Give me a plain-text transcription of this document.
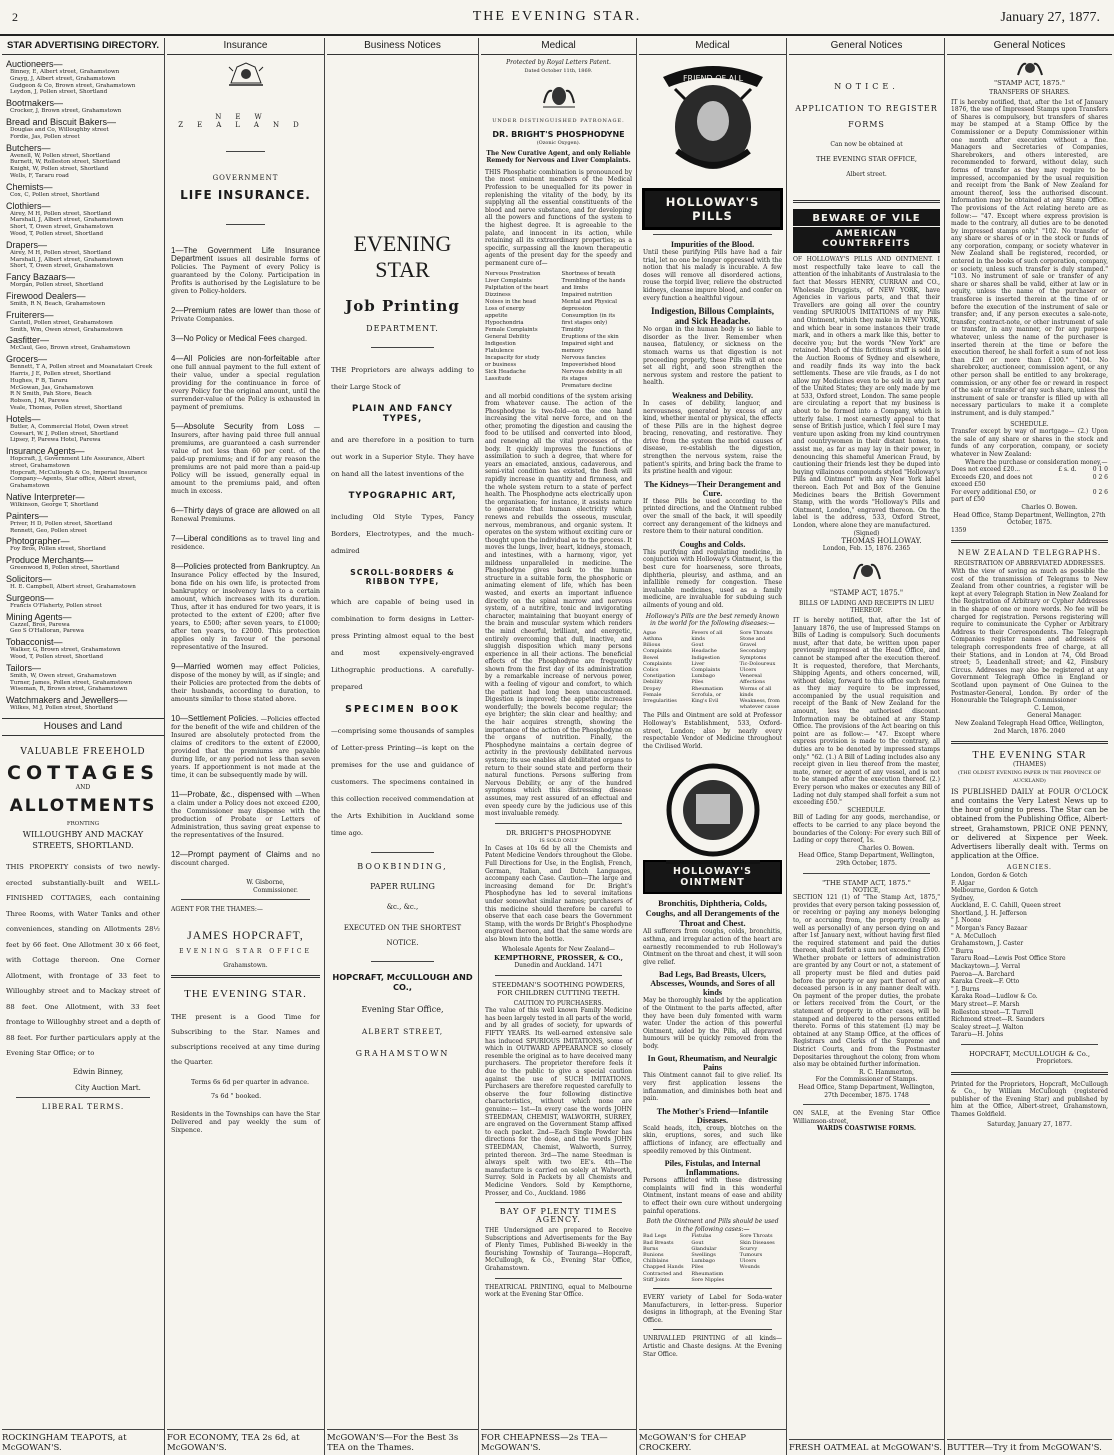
2	THE EVENING STAR.	January 27, 1877.
STAR ADVERTISING DIRECTORY.
Auctioneers—
Binney, E, Albert street, Grahamstown
Grayg, J, Albert street, Grahamstown
Gudgeon & Co, Brown street, Grahamstown
Leydon, J, Pollen street, Shortland
Bootmakers—
Crocker, J, Brown street, Grahamstown
Bread and Biscuit Bakers—
Douglas and Co, Willoughby street
Fordie, Jas, Pollen street
Butchers—
Avenell, W, Pollen street, Shortland
Burnett, W, Rolleston street, Shortland
Knight, W, Pollen street, Shortland
Wells, F, Tararu road
Chemists—
Cox, C, Pollen street, Shortland
Clothiers—
Airey, M H, Pollen street, Shortland
Marshall, J, Albert street, Grahamstown
Short, T, Owen street, Grahamstown
Wood, T, Pollen street, Shortland
Drapers—
Airey, M H, Pollen street, Shortland
Marshall, J, Albert street, Grahamstown
Short, T, Owen street, Grahamstown
Fancy Bazaars—
Morgan, Pollen street, Shortland
Firewood Dealers—
Smith, R N, Beach, Grahamstown
Fruiterers—
Cantell, Pollen street, Grahamstown
Smith, Wm, Owen street, Grahamstown
Gasfitter—
McCaul, Geo, Brown street, Grahamstown
Grocers—
Bennett, T A, Pollen street and Moanataiari Creek
Harris, J E, Pollen street, Shortland
Hughes, F B, Tararu
McGowan, Jas, Grahamstown
R N Smith, Pah Store, Beach
Robson, J M, Parewa
Veale, Thomas, Pollen street, Shortland
Hotels—
Butler, A, Commercial Hotel, Owen street
Cowsart, W. J, Pollen street, Shortland
Lipsey, F, Parewa Hotel, Parewa
Insurance Agents—
Hopcraft, J, Government Life Assurance, Albert street, Grahamstown
Hopcraft, McCullough & Co, Imperial Insurance Company—Agents, Star office, Albert street, Grahamstown
Native Interpreter—
Wilkinson, George T, Shortland
Painters—
Priver, H D, Pollen street, Shortland
Rennett, Geo, Pollen street
Photographer—
Foy Bros, Pollen street, Shortland
Produce Merchants—
Greenwood B, Pollen street, Shortland
Solicitors—
H. E. Campbell, Albert street, Grahamstown
Surgeons—
Francis O'Flaherty, Pollen street
Mining Agents—
Cazzel, Bros, Parewa
Geo S O'Halloran, Parewa
Tobacconist—
Walker, G, Brown street, Grahamstown
Wood, T, Pollen street, Shortland
Tailors—
Smith, W, Owen street, Grahamstown
Turner, James, Pollen street, Grahamstown
Wiseman, R, Brown street, Grahamstown
Watchmakers and Jewellers—
Wilkes, M J, Pollen street, Shortland
Houses and Land
VALUABLE FREEHOLD
COTTAGES
AND
ALLOTMENTS
FRONTING
WILLOUGHBY AND MACKAY
STREETS, SHORTLAND.
THIS PROPERTY consists of two newly-erected substantially-built and WELL-FINISHED COTTAGES, each containing Three Rooms, with Water Tanks and other conveniences, standing on Allotments 28½ feet by 66 feet. One Allotment 30 x 66 feet, with Cottage thereon. One Corner Allotment, with frontage of 33 feet to Willoughby street and to Mackay street of 88 feet. One Allotment, with 33 feet frontage to Willoughby street and a depth of 88 feet. For further particulars apply at the Evening Star Office; or to
Edwin Binney,
City Auction Mart.
LIBERAL TERMS.
ROCKINGHAM TEAPOTS, at McGOWAN'S.
Insurance
NEW ZEALAND
GOVERNMENT
LIFE INSURANCE.
1—The Government Life Insurance Department issues all desirable forms of Policies. The Payment of every Policy is guaranteed by the Colony. Participation in Profits is authorised by the Legislature to be given to Policy-holders.
2—Premium rates are lower than those of Private Companies.
3—No Policy or Medical Fees charged.
4—All Policies are non-forfeitable after one full annual payment to the full extent of their value, under a special regulation providing for the continuance in force of every Policy for the original amount, until the surrender-value of the Policy is exhausted in payment of premiums.
5—Absolute Security from Loss —Insurers, after having paid three full annual premiums, are guaranteed a cash surrender value of not less than 60 per cent. of the paid-up premiums; and if for any reason the premiums are not paid more than a paid-up Policy will be issued, generally equal in amount to the premiums paid, and often much in excess.
6—Thirty days of grace are allowed on all Renewal Premiums.
7—Liberal conditions as to travel ling and residence.
8—Policies protected from Bankruptcy. An Insurance Policy effected by the Insured, bona fide on his own life, is protected from bankruptcy or insolvency laws to a certain amount, which increases with its duration. Thus, after it has endured for two years, it is protected to the extent of £200; after five years, to £500; after seven years, to £1000; after ten years, to £2000. This protection applies only in favour of the personal representative of the Insured.
9—Married women may effect Policies, dispose of the money by will, as if single; and their Policies are protected from the debts of their husbands, according to duration, to amounts similar to those stated above.
10—Settlement Policies. —Policies effected for the benefit of the wife and children of the Insured are absolutely protected from the claims of creditors to the extent of £2000, provided that the premiums are payable during life, or any period not less than seven years. If apportionment is not made at the time, it can be subsequently made by will.
11—Probate, &c., dispensed with —When a claim under a Policy does not exceed £200, the Commissioner may dispense with the production of Probate or Letters of Administration, thus saving great expense to the representatives of the Insured.
12—Prompt payment of Claims and no discount charged.
W. Gisborne,
Commissioner.
AGENT FOR THE THAMES:—
JAMES HOPCRAFT,
EVENING STAR OFFICE
Grahamstown.
THE EVENING STAR.
THE present is a Good Time for Subscribing to the Star. Names and subscriptions received at any time during the Quarter.
Terms 6s 6d per quarter in advance.
7s 6d " booked.
Residents in the Townships can have the Star Delivered and pay weekly the sum of Sixpence.
FOR ECONOMY, TEA 2s 6d, at McGOWAN'S.
Business Notices
EVENING STAR
Job Printing
DEPARTMENT.
THE Proprietors are always adding to their Large Stock of
PLAIN AND FANCY TYPES,
and are therefore in a position to turn out work in a Superior Style. They have on hand all the latest inventions of the
TYPOGRAPHIC ART,
including Old Style Types, Fancy Borders, Electrotypes, and the much-admired
SCROLL-BORDERS & RIBBON TYPE,
which are capable of being used in combination to form designs in Letter-press Printing almost equal to the best and most expensively-engraved Lithographic productions. A carefully-prepared
SPECIMEN BOOK
—comprising some thousands of samples of Letter-press Printing—is kept on the premises for the use and guidance of customers. The specimens contained in this collection received commendation at the Arts Exhibition in Auckland some time ago.
BOOKBINDING,
PAPER RULING
&c., &c.,
EXECUTED ON THE SHORTEST NOTICE.
HOPCRAFT, McCULLOUGH AND CO.,
Evening Star Office,
ALBERT STREET,
GRAHAMSTOWN
McGOWAN'S—For the Best 3s TEA on the Thames.
Medical
Protected by Royal Letters Patent.
Dated October 11th, 1869.
UNDER DISTINGUISHED PATRONAGE.
DR. BRIGHT'S PHOSPHODYNE
(Ozonic Oxygen).
The New Curative Agent, and only Reliable Remedy for Nervous and Liver Complaints.
THIS Phosphatic combination is pronounced by the most eminent members of the Medical Profession to be unequalled for its power in replenishing the vitality of the body, by its supplying all the essential constituents of the blood and nerve substance, and for developing all the powers and functions of the system to the highest degree. It is agreeable to the palate, and innocent in its action, while retaining all its extraordinary properties; as a specific, surpassing all the known therapeutic agents of the present day for the speedy and permanent cure of—
Nervous Prostration
Liver Complaints
Palpitation of the heart
Dizziness
Noises in the head
Loss of energy
appetite
Hypochondria
Female Complaints
General Debility
Indigestion
Flatulence
Incapacity for study
or business
Sick Headache
Lassitude
Shortness of breath
Trembling of the hands
and limbs
Impaired nutrition
Mental and Physical
depression
Consumption (in its
first stages only)
Timidity
Eruptions of the skin
Impaired sight and
memory
Nervous fancies
Impoverished blood
Nervous debility in all
its stages
Premature decline
and all morbid conditions of the system arising from whatever cause. The action of the Phosphodyne is two-fold—on the one hand increasing the vital nerve force, and on the other, promoting the digestion and causing the food to be utilised and converted into blood, and renewing all the vital processes of the body. It quickly improves the functions of assimilation to such a degree, that where for years an emaciated, anxious, cadaverous, and semi-vital condition has existed, the flesh will rapidly increase in quantity and firmness, and the whole system return to a state of perfect health. The Phosphodyne acts electrically upon the organisation; for instance, it assists nature to generate that human electricity which renews and rebuilds the osseous, muscular, nervous, membranous, and organic system. It operates on the system without exciting cure or thought upon the individual as to the process. It moves the lungs, liver, heart, kidneys, stomach, and intestines, with a harmony, vigor, yet mildness unparalleled in medicine. The Phosphodyne gives back to the human structure in a suitable form, the phosphoric or animating element of life, which has been wasted, and exerts an important influence directly on the spinal marrow and nervous system, of a nutritive, tonic and invigorating character, maintaining that buoyant energy of the brain and muscular system which renders the mind cheerful, brilliant, and energetic, entirely overcoming that dull, inactive, and sluggish disposition which many persons experience in all their actions. The beneficial effects of the Phosphodyne are frequently shown from the first day of its administration by a remarkable increase of nervous power, with a feeling of vigour and comfort, to which the patient had long been unaccustomed. Digestion is improved; the appetite increases wonderfully; the bowels become regular; the eye brighter; the skin clear and healthy; and the hair acquires strength, showing the importance of the action of the Phosphodyne on the organs of nutrition. Finally, the Phosphodyne maintains a certain degree of activity in the previously debilitated nervous system; its use enables all debilitated organs to return to their sound state and perform their natural functions. Persons suffering from Nervous Debility, or any of the hundred symptoms which this distressing disease assumes, may rest assured of an effectual and even speedy cure by the judicious use of this most invaluable remedy.
DR. BRIGHT'S PHOSPHODYNE
IS SOLD ONLY
In Cases at 10s 6d by all the Chemists and Patent Medicine Vendors throughout the Globe. Full Directions for Use, in the English, French, German, Italian, and Dutch Languages, accompany each Case. Caution—The large and increasing demand for Dr. Bright's Phosphodyne has led to several imitations under somewhat similar names; purchasers of this medicine should therefore be careful to observe that each case bears the Government Stamp, with the words Dr Bright's Phosphodyne engraved thereon, and that the same words are also blown into the bottle.
Wholesale Agents for New Zealand—
KEMPTHORNE, PROSSER, & CO.,
Dunedin and Auckland. 1471
STEEDMAN'S SOOTHING POWDERS, FOR CHILDREN CUTTING TEETH.
CAUTION TO PURCHASERS.
The value of this well known Family Medicine has been largely tested in all parts of the world, and by all grades of society, for upwards of FIFTY YEARS. Its well-earned extensive sale has induced SPURIOUS IMITATIONS, some of which in OUTWARD APPEARANCE so closely resemble the original as to have deceived many purchasers. The proprietor therefore feels it due to the public to give a special caution against the use of SUCH IMITATIONS. Purchasers are therefore requested carefully to observe the four following distinctive characteristics, without which none are genuine:— 1st—In every case the words JOHN STEEDMAN, CHEMIST, WALWORTH, SURREY, are engraved on the Government Stamp affixed to each packet. 2nd—Each Single Powder has directions for the dose, and the words JOHN STEEDMAN, Chemist, Walworth, Surrey, printed thereon. 3rd—The name Steedman is always spelt with two EE's. 4th—The manufacture is carried on solely at Walworth, Surrey. Sold in Packets by all Chemists and Medicine Vendors. Sold by Kempthorne, Prosser, and Co., Auckland. 1986
BAY OF PLENTY TIMES AGENCY.
THE Undersigned are prepared to Receive Subscriptions and Advertisements for the Bay of Plenty Times, Published Bi-weekly in the flourishing Township of Tauranga—Hopcraft, McCullough, & Co., Evening Star Office, Grahamstown.
THEATRICAL PRINTING, equal to Melbourne work at the Evening Star Office.
FOR CHEAPNESS—2s TEA—McGOWAN'S.
Medical
FRIEND OF ALL
HOLLOWAY'S PILLS
Impurities of the Blood.
Until these purifying Pills have had a fair trial, let no one be longer oppressed with the notion that his malady is incurable. A few doses will remove all disordered actions, rouse the torpid liver, relieve the obstructed kidneys, cleanse impure blood, and confer on every function a healthful vigour.
Indigestion, Billous Complaints, and Sick Headache.
No organ in the human body is so liable to disorder as the liver. Remember when nausea, flatulency, or sickness on the stomach warns us that digestion is not proceeding properly, these Pills will at once set all right, and soon strengthen the nervous system and restore the patient to health.
Weakness and Debility.
In cases of debility, languor, and nervousness, generated by excess of any kind, whether mental or physical, the effects of these Pills are in the highest degree bracing, renovating, and restorative. They drive from the system the morbid causes of disease, re-establish the digestion, strengthen the nervous system, raise the patient's spirits, and bring back the frame to its pristine health and vigour.
The Kidneys—Their Derangement and Cure.
If these Pills be used according to the printed directions, and the Ointment rubbed over the small of the back, it will speedily correct any derangement of the kidneys and restore them to their natural condition.
Coughs and Colds.
This purifying and regulating medicine, in conjunction with Holloway's Ointment, is the best cure for hoarseness, sore throats, diphtheria, pleurisy, and asthma, and an infallible remedy for congestion. These invaluable medicines, used as a family medicine, are invaluable for subduing such ailments of young and old.
Holloway's Pills are the best remedy known in the world for the following diseases:—
Ague
Asthma
Bilious Complaints
Bowel Complaints
Colics
Constipation
Debility
Dropsy
Female Irregularities
Fevers of all kinds
Gout
Headache
Indigestion
Liver Complaints
Lumbago
Piles
Rheumatism
Scrofula, or King's Evil
Sore Throats
Stone and Gravel
Secondary Symptoms
Tic-Doloureux
Ulcers
Venereal Affections
Worms of all kinds
Weakness, from whatever cause
The Pills and Ointment are sold at Professor Holloway's Establishment, 533, Oxford-street, London; also by nearly every respectable Vendor of Medicine throughout the Civilised World.
HOLLOWAY'S OINTMENT
Bronchitis, Diphtheria, Colds, Coughs, and all Derangements of the Throat and Chest.
All sufferers from coughs, colds, bronchitis, asthma, and irregular action of the heart are earnestly recommended to rub Holloway's Ointment on the throat and chest, it will soon give relief.
Bad Legs, Bad Breasts, Ulcers, Abscesses, Wounds, and Sores of all kinds
May be thoroughly healed by the application of the Ointment to the parts affected, after they have been duly fomented with warm water. Under the action of this powerful Ointment, aided by the Pills, all depraved humours will be quickly removed from the body.
In Gout, Rheumatism, and Neuralgic Pains
This Ointment cannot fail to give relief. Its very first application lessens the inflammation, and diminishes both heat and pain.
The Mother's Friend—Infantile Diseases.
Scald heads, itch, croup, blotches on the skin, eruptions, sores, and such like afflictions of infancy, are effectually and speedily removed by this Ointment.
Piles, Fistulas, and Internal Inflammations.
Persons afflicted with these distressing complaints will find in this wonderful Ointment, instant means of ease and ability to effect their own cure without undergoing painful operations.
Both the Ointment and Pills should be used in the following cases:—
Bad Legs
Bad Breasts
Burns
Bunions
Chilblains
Chapped Hands
Contracted and Stiff Joints
Fistulas
Gout
Glandular Swellings
Lumbago
Piles
Rheumatism
Sore Nipples
Sore Throats
Skin Diseases
Scurvy
Tumours
Ulcers
Wounds
EVERY variety of Label for Soda-water Manufacturers, in letter-press. Superior designs in lithograph, at the Evening Star Office.
UNRIVALLED PRINTING of all kinds—Artistic and Chaste designs. At the Evening Star Office.
McGOWAN'S for CHEAP CROCKERY.
General Notices
NOTICE.
APPLICATION TO REGISTER FORMS
Can now be obtained at
THE EVENING STAR OFFICE,
Albert street.
BEWARE OF VILE
AMERICAN COUNTERFEITS
OF HOLLOWAY'S PILLS AND OINTMENT. I most respectfully take leave to call the attention of the inhabitants of Australasia to the fact that Messrs HENRY, CURRAN and CO., Wholesale Druggists, of NEW YORK, have Agencies in various parts, and that their Travellers are going all over the country vending SPURIOUS IMITATIONS of my Pills and Ointment, which they make in NEW YORK, and which bear in some instances their trade mark, and in others a mark like this, better to deceive you; but the words "New York" are retained. Much of this fictitious stuff is sold in the Auction Rooms of Sydney and elsewhere, and readily finds its way into the back settlements. These are vile frauds, as I do not allow my Medicines even to be sold in any part of the United States; they are only made by me at 533, Oxford street, London. The same people are circulating a report that my business is about to be formed into a Company, which is utterly false. I most earnestly appeal to that sense of British justice, which I feel sure I may venture upon asking from my kind countrymen and countrywomen in their distant homes, to assist me, as far as may lay in their power, in denouncing this shameful American Fraud, by cautioning their friends lest they be duped into buying villainous compounds styled "Holloway's Pills and Ointment" with any New York label thereon. Each Pot and Box of the Genuine Medicines bears the British Government Stamp, with the words "Holloway's Pills and Ointment, London," engraved thereon. On the label is the address, 533, Oxford Street, London, where alone they are manufactured.
(Signed)
THOMAS HOLLOWAY.
London, Feb. 15, 1876. 2365
"STAMP ACT, 1875."
BILLS OF LADING AND RECEIPTS IN LIEU THEREOF.
IT is hereby notified, that, after the 1st of January 1876, the use of Impressed Stamps on Bills of Lading is compulsory. Such documents must, after that date, be written upon paper previously impressed at the Head Office, and cannot be stamped after the execution thereof. It is requested, therefore, that Merchants, Shipping Agents, and others concerned, will, without delay, forward to this office such forms as they may require to be impressed, accompanied by the usual requisition and receipt of the Bank of New Zealand for the amount, less the authorised discount. Information may be obtained at any Stamp Office. The provisions of the Act bearing on this point are as follow:— "47. Except where express provision is made to the contrary, all duties are to be denoted by impressed stamps only." "62. (1.) A Bill of Lading includes also any receipt given in lieu thereof from the master, mate, owner, or agent of any vessel, and is not to be stamped after the execution thereof. (2.) Every person who makes or executes any Bill of Lading not duly stamped shall forfeit a sum not exceeding £50."
SCHEDULE.
Bill of Lading for any goods, merchandise, or effects to be carried to any place beyond the boundaries of the Colony: For every such Bill of Lading or copy thereof, 1s.
Charles O. Bowen.
Head Office, Stamp Department, Wellington, 29th October, 1875.
"THE STAMP ACT, 1875."
NOTICE,
SECTION 121 (1) of "The Stamp Act, 1875," provides that every person taking possession of, or receiving or paying any moneys belonging to, or accruing from, the property (really as well as personally) of any person dying on and after 1st January next, without having first filed the required statement and paid the duties thereon, shall forfeit a sum not exceeding £500. Whether probate or letters of administration are granted by any Court or not, a statement of all property must be filed and duties paid before the property or any part thereof of any deceased person is in any manner dealt with. On payment of the proper duties, the probate or letters received from the Court, or the statement of property in other cases, will be stamped and delivered to the persons entitled thereto. Forms of this statement (L) may be obtained at any Stamp Office, at the offices of Registrars and Clerks of the Supreme and District Courts, and from the Postmaster Depositaries throughout the colony, from whom also may be obtained further information.
R. C. Hammerton,
For the Commissioner of Stamps.
Head Office, Stamp Department, Wellington, 27th December, 1875. 1748
ON SALE, at the Evening Star Office Williamson-street,
WARDS COASTWISE FORMS.
FRESH OATMEAL at McGOWAN'S.
General Notices
"STAMP ACT, 1875."
TRANSFERS OF SHARES.
IT is hereby notified, that, after the 1st of January 1876, the use of Impressed Stamps upon Transfers of Shares is compulsory, but transfers of shares may be stamped at a Stamp Office by the Commissioner or a Deputy Commissioner within one month after execution without a fine. Managers and Secretaries of Companies, Sharebrokers, and others interested, are recommended to forward, without delay, such forms of transfer as they may require to be impressed, accompanied by the usual requisition and receipt from the Bank of New Zealand for amount thereof, less the authorised discount. Information may be obtained at any Stamp Office. The provisions of the Act relating hereto are as follow:— "47. Except where express provision is made to the contrary, all duties are to be denoted by impressed stamps only." "102. No transfer of any share or shares of or in the stock or funds of any corporation, company, or society whatever in New Zealand shall be registered, recorded, or entered in the books of such corporation, company, or society, unless such transfer is duly stamped." "103. No instrument of sale or transfer of any share or shares shall be valid, either at law or in equity, unless the name of the purchaser or transferee is inserted therein at the time of or before the execution of the instrument of sale or transfer; and, if any person executes a sale-note, transfer, contract-note, or other instrument of sale or transfer, in any manner, or for any purpose whatever, unless the name of the purchaser is inserted therein at the time or before the execution thereof, he shall forfeit a sum of not less than £20 or more than £100." "104. No sharebroker, auctioneer, commission agent, or any other person shall be entitled to any brokerage, commission, or any other fee or reward in respect of the sale or transfer of any such share, unless the instrument of sale or transfer is filled up with all necessary particulars to make it a complete instrument, and is duly stamped."
SCHEDULE.
Transfer except by way of mortgage— (2.) Upon the sale of any share or shares in the stock and funds of any corporation, company, or society whatever in New Zealand:
Where the purchase or consideration money,—
Does not exceed £20...	£ s. d.	0 1 0
Exceeds £20, and does not exceed £50
0 2 6
For every additional £50, or part of £50
0 2 6
Charles O. Bowen.
Head Office, Stamp Department, Wellington, 27th October, 1875.
1359
NEW ZEALAND TELEGRAPHS.
REGISTRATION OF ABBREVIATED ADDRESSES.
With the view of saving as much as possible the cost of the transmission of Telegrams to New Zealand from other countries, a register will be kept at every Telegraph Station in New Zealand for the Registration of Arbitrary or Cypher Addresses in the shape of one or more words. No fee will be charged for registration. Persons registering will require to communicate the Cypher or Arbitrary Address to their Correspondents. The Telegraph Companies register names and addresses of telegraph correspondents free of charge, at all their Stations, and in London at 74, Old Broad street; 5, Leadenhall street; and 42, Finsbury Circus. Addresses may also be registered at any Government Telegraph Office in England or Scotland upon payment of One Guinea to the Postmaster-General, London. By order of the Honourable the Telegraph Commissioner
C. Lemon,
General Manager.
New Zealand Telegraph Head Office, Wellington, 2nd March, 1876. 2040
THE EVENING STAR
(THAMES)
(THE OLDEST EVENING PAPER IN THE PROVINCE OF AUCKLAND)
IS PUBLISHED DAILY at FOUR O'CLOCK and contains the Very Latest News up to the hour of going to press. The Star can be obtained from the Publishing Office, Albert-street, Grahamstown, PRICE ONE PENNY, or delivered at Sixpence per Week. Advertisers liberally dealt with. Terms on application at the Office.
AGENCIES.
London, Gordon & Gotch
F. Algar
Melbourne, Gordon & Gotch
Sydney,
Auckland, E. C. Cahill, Queen street
Shortland, J. H. Jefferson
" J. Noone
" Morgan's Fancy Bazaar
" A. McCulloch
Grahamstown, J. Caster
" Burra
Tararu Road—Lewis Post Office Store
Mackaytown—J. Verral
Paeroa—A. Barchard
Karaka Creek—F. Otto
" J. Burns
Karaka Road—Ludlow & Co.
Mary street—F. Marsh
Rolleston street—T. Turrell
Richmond street—R. Saunders
Scaley street—J. Walton
Tararu—H. Johns
HOPCRAFT, McCULLOUGH & Co.,
Proprietors.
Printed for the Proprietors, Hopcraft, McCullough & Co., by William McCullough (registered publisher of the Evening Star) and published by him at the Office, Albert-street, Grahamstown, Thames Goldfield.
Saturday, January 27, 1877.
BUTTER—Try it from McGOWAN'S.
